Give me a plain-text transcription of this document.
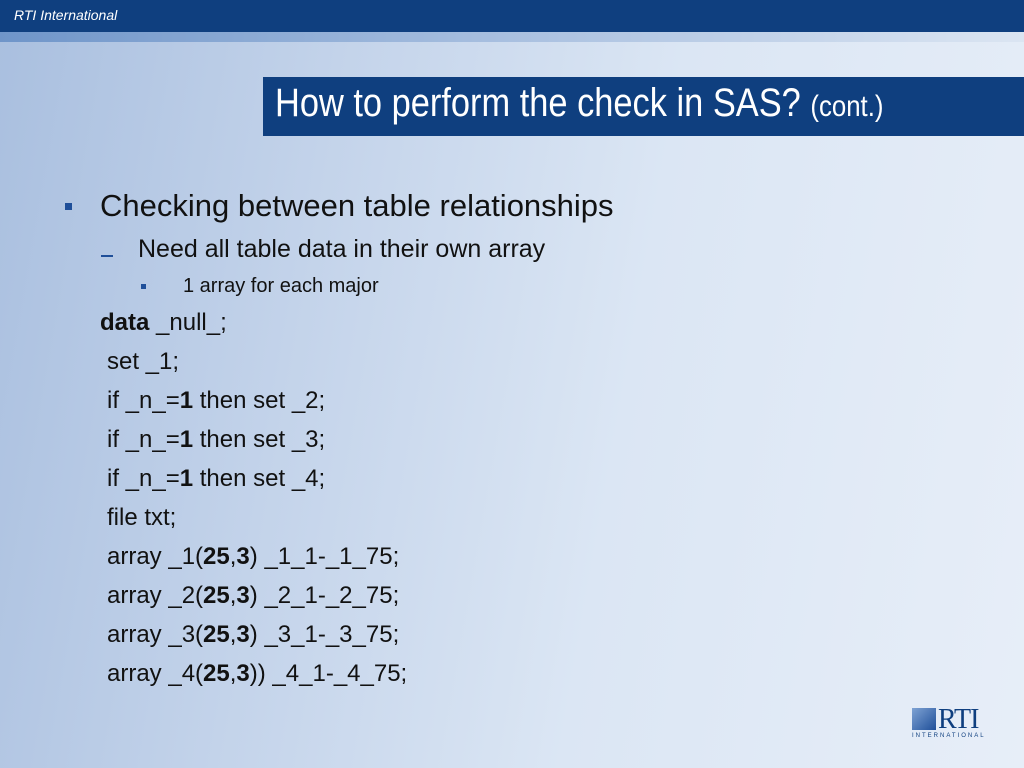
RTI International
How to perform the check in SAS? (cont.)
Checking between table relationships
Need all table data in their own array
1 array for each major
data _null_;
set _1;
if _n_=1 then set _2;
if _n_=1 then set _3;
if _n_=1 then set _4;
file txt;
array _1(25,3) _1_1-_1_75;
array _2(25,3) _2_1-_2_75;
array _3(25,3) _3_1-_3_75;
array _4(25,3)) _4_1-_4_75;
RTI
INTERNATIONAL
